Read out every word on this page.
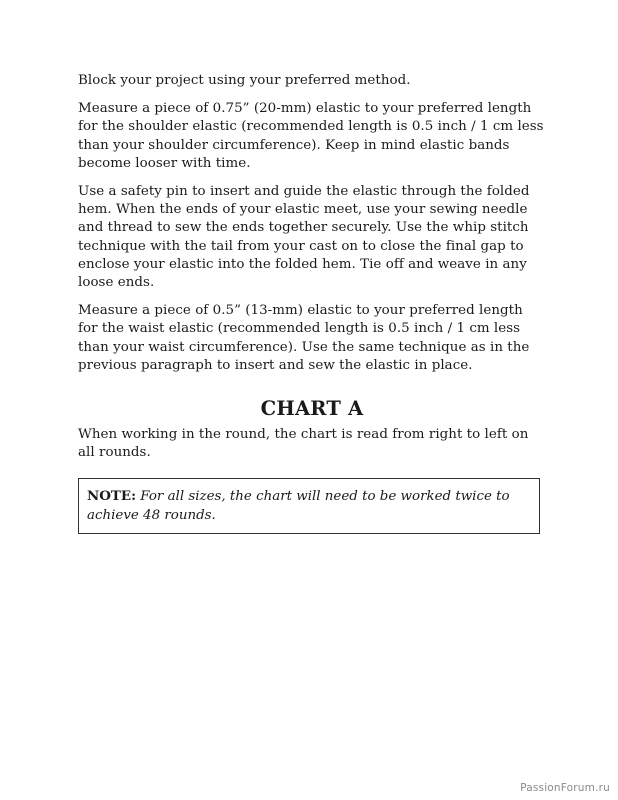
Block your project using your preferred method.

Measure a piece of 0.75” (20-mm) elastic to your preferred length for the shoulder elastic (recommended length is 0.5 inch / 1 cm less than your shoulder circumference). Keep in mind elastic bands become looser with time.

Use a safety pin to insert and guide the elastic through the folded hem. When the ends of your elastic meet, use your sewing needle and thread to sew the ends together securely. Use the whip stitch technique with the tail from your cast on to close the final gap to enclose your elastic into the folded hem. Tie off and weave in any loose ends.

Measure a piece of 0.5” (13-mm) elastic to your preferred length for the waist elastic (recommended length is 0.5 inch / 1 cm less than your waist circumference). Use the same technique as in the previous paragraph to insert and sew the elastic in place.

CHART A

When working in the round, the chart is read from right to left on all rounds.

NOTE: For all sizes, the chart will need to be worked twice to achieve 48 rounds.
PassionForum.ru
